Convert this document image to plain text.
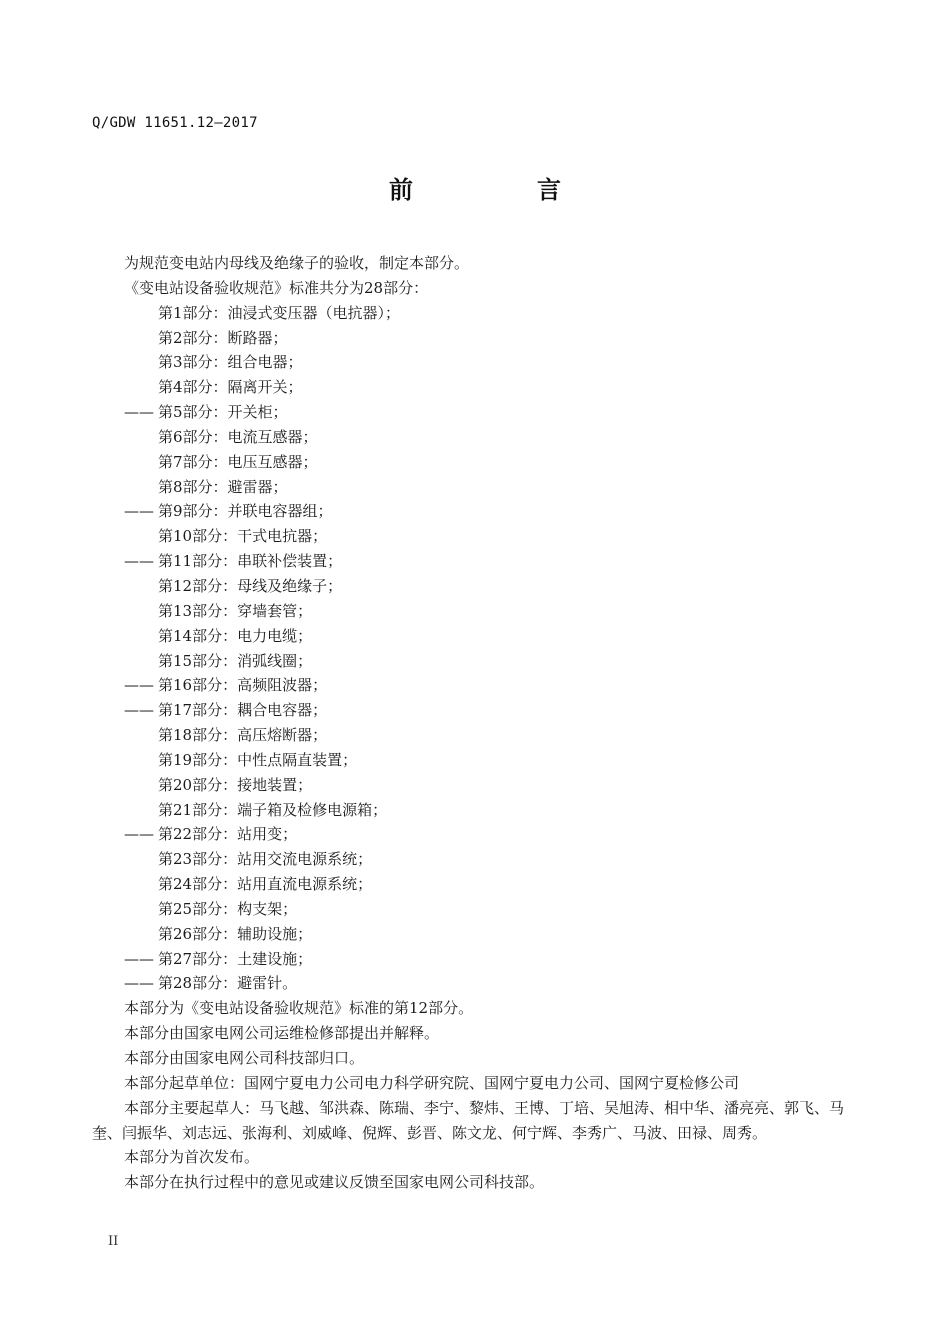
Q/GDW 11651.12—2017
前　言
为规范变电站内母线及绝缘子的验收，制定本部分。
《变电站设备验收规范》标准共分为28部分：
第1部分：油浸式变压器（电抗器）；
第2部分：断路器；
第3部分：组合电器；
第4部分：隔离开关；
—— 第5部分：开关柜；
第6部分：电流互感器；
第7部分：电压互感器；
第8部分：避雷器；
—— 第9部分：并联电容器组；
第10部分：干式电抗器；
—— 第11部分：串联补偿装置；
第12部分：母线及绝缘子；
第13部分：穿墙套管；
第14部分：电力电缆；
第15部分：消弧线圈；
—— 第16部分：高频阻波器；
—— 第17部分：耦合电容器；
第18部分：高压熔断器；
第19部分：中性点隔直装置；
第20部分：接地装置；
第21部分：端子箱及检修电源箱；
—— 第22部分：站用变；
第23部分：站用交流电源系统；
第24部分：站用直流电源系统；
第25部分：构支架；
第26部分：辅助设施；
—— 第27部分：土建设施；
—— 第28部分：避雷针。
本部分为《变电站设备验收规范》标准的第12部分。
本部分由国家电网公司运维检修部提出并解释。
本部分由国家电网公司科技部归口。
本部分起草单位：国网宁夏电力公司电力科学研究院、国网宁夏电力公司、国网宁夏检修公司
本部分主要起草人：马飞越、邹洪森、陈瑞、李宁、黎炜、王博、丁培、吴旭涛、相中华、潘亮亮、郭飞、马奎、闫振华、刘志远、张海利、刘威峰、倪辉、彭晋、陈文龙、何宁辉、李秀广、马波、田禄、周秀。
本部分为首次发布。
本部分在执行过程中的意见或建议反馈至国家电网公司科技部。
II
